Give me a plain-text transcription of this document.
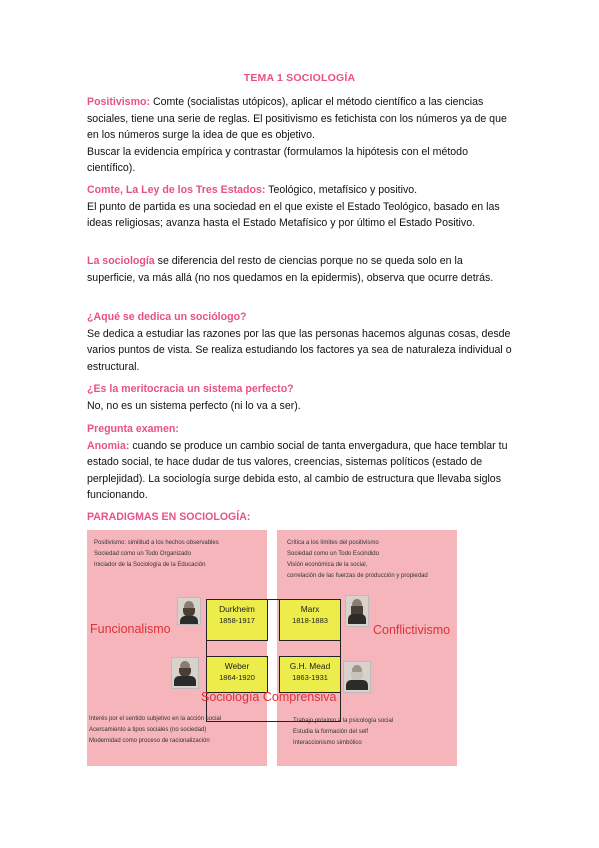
TEMA 1 SOCIOLOGÍA

Positivismo: Comte (socialistas utópicos), aplicar el método científico a las ciencias sociales, tiene una serie de reglas. El positivismo es fetichista con los números ya de que en los números surge la idea de que es objetivo.

Buscar la evidencia empírica y contrastar (formulamos la hipótesis con el método científico).

Comte, La Ley de los Tres Estados: Teológico, metafísico y positivo.

El punto de partida es una sociedad en el que existe el Estado Teológico, basado en las ideas religiosas; avanza hasta el Estado Metafísico y por último el Estado Positivo.

La sociología se diferencia del resto de ciencias porque no se queda solo en la superficie, va más allá (no nos quedamos en la epidermis), observa que ocurre detrás.

¿Aqué se dedica un sociólogo?

Se dedica a estudiar las razones por las que las personas hacemos algunas cosas, desde varios puntos de vista. Se realiza estudiando los factores ya sea de naturaleza individual o estructural.

¿Es la meritocracia un sistema perfecto?

No, no es un sistema perfecto (ni lo va a ser).

Pregunta examen:

Anomia: cuando se produce un cambio social de tanta envergadura, que hace temblar tu estado social, te hace dudar de tus valores, creencias, sistemas políticos (estado de perplejidad). La sociología surge debida esto, al cambio de estructura que llevaba siglos funcionando.

PARADIGMAS EN SOCIOLOGÍA:

Positivismo: similitud a los hechos observables
Sociedad como un Todo Organizado
Iniciador de la Sociología de la Educación
Crítica a los límites del positivismo
Sociedad como un Todo Escindido
Visión económica de la social,
correlación de las fuerzas de producción y propiedad
Interés por el sentido subjetivo en la acción social
Acercamiento a tipos sociales (no sociedad)
Modernidad como proceso de racionalización
Trabajo próximo a la psicología social
Estudia la formación del self
Interaccionismo simbólico
Durkheim
1858-1917
Marx
1818-1883
Weber
1864-1920
G.H. Mead
1863-1931
Funcionalismo	Conflictivismo
Sociología Comprensiva
